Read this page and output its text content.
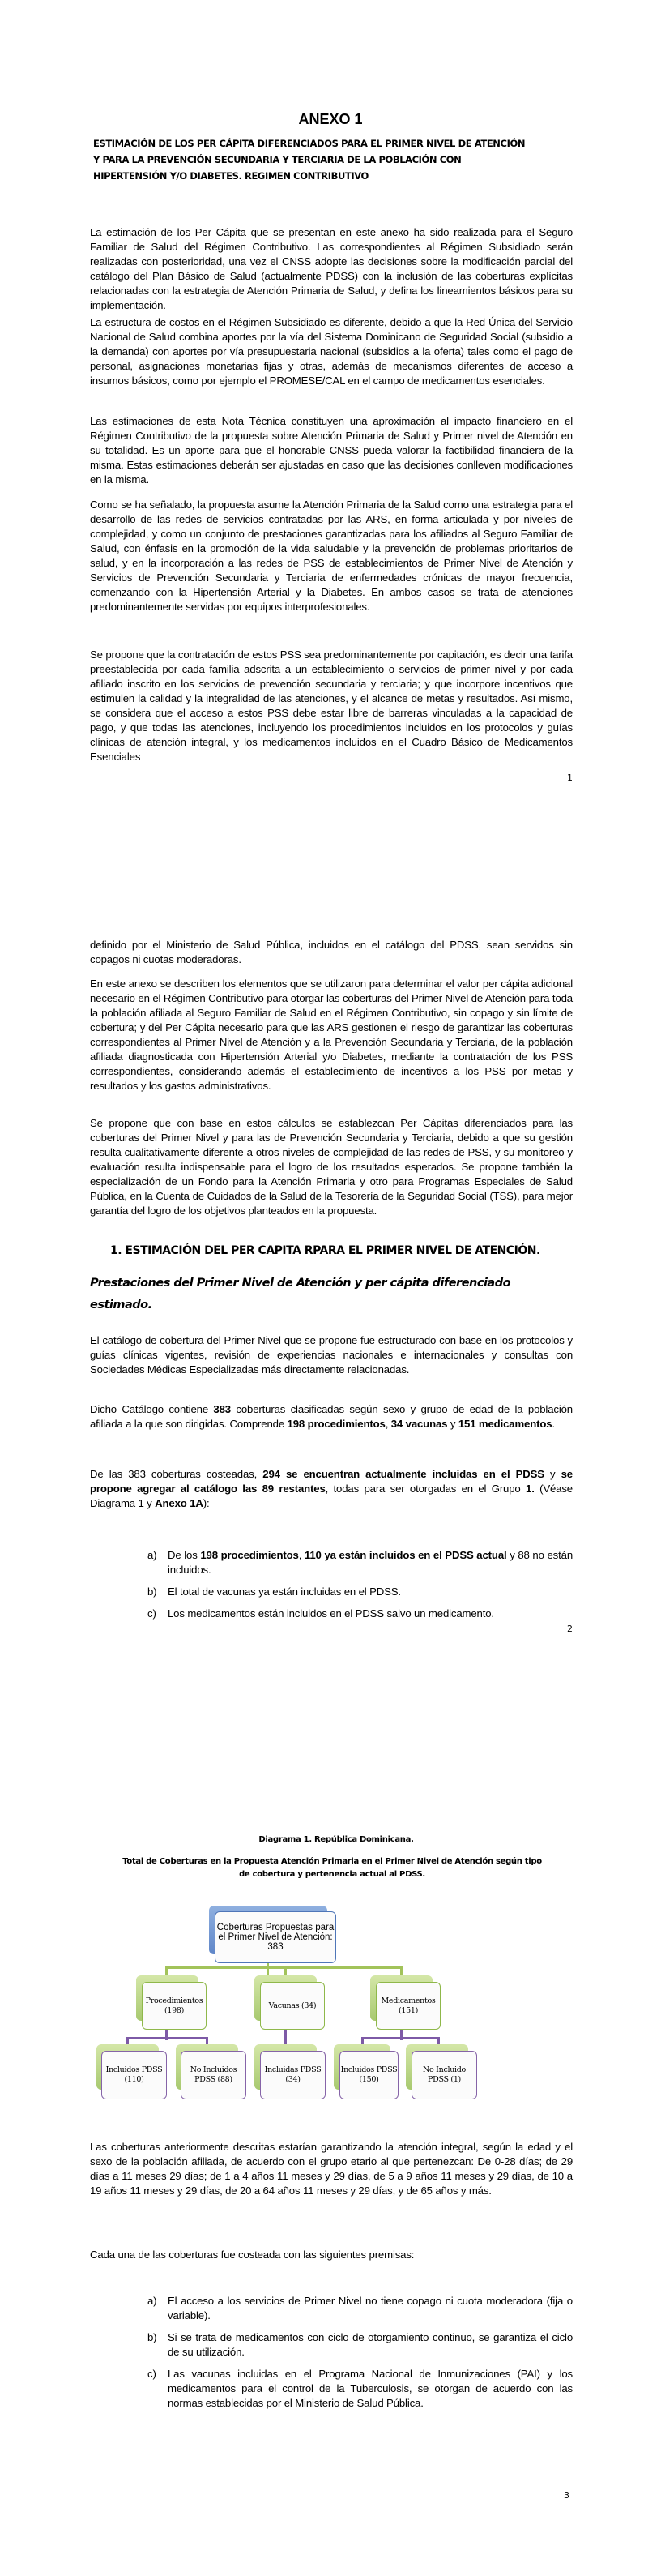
ANEXO 1
ESTIMACIÓN DE LOS PER CÁPITA DIFERENCIADOS PARA EL PRIMER NIVEL DE ATENCIÓN
Y PARA LA PREVENCIÓN SECUNDARIA Y TERCIARIA DE LA POBLACIÓN CON
HIPERTENSIÓN Y/O DIABETES. REGIMEN CONTRIBUTIVO

La estimación de los Per Cápita que se presentan en este anexo ha sido realizada para el Seguro Familiar de Salud del Régimen Contributivo. Las correspondientes al Régimen Subsidiado serán realizadas con posterioridad, una vez el CNSS adopte las decisiones sobre la modificación parcial del catálogo del Plan Básico de Salud (actualmente PDSS) con la inclusión de las coberturas explícitas relacionadas con la estrategia de Atención Primaria de Salud, y defina los lineamientos básicos para su implementación.

La estructura de costos en el Régimen Subsidiado es diferente, debido a que la Red Única del Servicio Nacional de Salud combina aportes por la vía del Sistema Dominicano de Seguridad Social (subsidio a la demanda) con aportes por vía presupuestaria nacional (subsidios a la oferta) tales como el pago de personal, asignaciones monetarias fijas y otras, además de mecanismos diferentes de acceso a insumos básicos, como por ejemplo el PROMESE/CAL en el campo de medicamentos esenciales.

Las estimaciones de esta Nota Técnica constituyen una aproximación al impacto financiero en el Régimen Contributivo de la propuesta sobre Atención Primaria de Salud y Primer nivel de Atención en su totalidad. Es un aporte para que el honorable CNSS pueda valorar la factibilidad financiera de la misma. Estas estimaciones deberán ser ajustadas en caso que las decisiones conlleven modificaciones en la misma.

Como se ha señalado, la propuesta asume la Atención Primaria de la Salud como una estrategia para el desarrollo de las redes de servicios contratadas por las ARS, en forma articulada y por niveles de complejidad, y como un conjunto de prestaciones garantizadas para los afiliados al Seguro Familiar de Salud, con énfasis en la promoción de la vida saludable y la prevención de problemas prioritarios de salud, y en la incorporación a las redes de PSS de establecimientos de Primer Nivel de Atención y Servicios de Prevención Secundaria y Terciaria de enfermedades crónicas de mayor frecuencia, comenzando con la Hipertensión Arterial y la Diabetes. En ambos casos se trata de atenciones predominantemente servidas por equipos interprofesionales.

Se propone que la contratación de estos PSS sea predominantemente por capitación, es decir una tarifa preestablecida por cada familia adscrita a un establecimiento o servicios de primer nivel y por cada afiliado inscrito en los servicios de prevención secundaria y terciaria; y que incorpore incentivos que estimulen la calidad y la integralidad de las atenciones, y el alcance de metas y resultados. Así mismo, se considera que el acceso a estos PSS debe estar libre de barreras vinculadas a la capacidad de pago, y que todas las atenciones, incluyendo los procedimientos incluidos en los protocolos y guías clínicas de atención integral, y los medicamentos incluidos en el Cuadro Básico de Medicamentos Esenciales

1

definido por el Ministerio de Salud Pública, incluidos en el catálogo del PDSS, sean servidos sin copagos ni cuotas moderadoras.

En este anexo se describen los elementos que se utilizaron para determinar el valor per cápita adicional necesario en el Régimen Contributivo para otorgar las coberturas del Primer Nivel de Atención para toda la población afiliada al Seguro Familiar de Salud en el Régimen Contributivo, sin copago y sin límite de cobertura; y del Per Cápita necesario para que las ARS gestionen el riesgo de garantizar las coberturas correspondientes al Primer Nivel de Atención y a la Prevención Secundaria y Terciaria, de la población afiliada diagnosticada con Hipertensión Arterial y/o Diabetes, mediante la contratación de los PSS correspondientes, considerando además el establecimiento de incentivos a los PSS por metas y resultados y los gastos administrativos.

Se propone que con base en estos cálculos se establezcan Per Cápitas diferenciados para las coberturas del Primer Nivel y para las de Prevención Secundaria y Terciaria, debido a que su gestión resulta cualitativamente diferente a otros niveles de complejidad de las redes de PSS, y su monitoreo y evaluación resulta indispensable para el logro de los resultados esperados. Se propone también la especialización de un Fondo para la Atención Primaria y otro para Programas Especiales de Salud Pública, en la Cuenta de Cuidados de la Salud de la Tesorería de la Seguridad Social (TSS), para mejor garantía del logro de los objetivos planteados en la propuesta.

1. ESTIMACIÓN DEL PER CAPITA RPARA EL PRIMER NIVEL DE ATENCIÓN.
Prestaciones del Primer Nivel de Atención y per cápita diferenciado estimado.

El catálogo de cobertura del Primer Nivel que se propone fue estructurado con base en los protocolos y guías clínicas vigentes, revisión de experiencias nacionales e internacionales y consultas con Sociedades Médicas Especializadas más directamente relacionadas.

Dicho Catálogo contiene 383 coberturas clasificadas según sexo y grupo de edad de la población afiliada a la que son dirigidas. Comprende 198 procedimientos, 34 vacunas y 151 medicamentos.

De las 383 coberturas costeadas, 294 se encuentran actualmente incluidas en el PDSS y se propone agregar al catálogo las 89 restantes, todas para ser otorgadas en el Grupo 1. (Véase Diagrama 1 y Anexo 1A):

a)	De los 198 procedimientos, 110 ya están incluidos en el PDSS actual y 88 no están incluidos.
b)	El total de vacunas ya están incluidas en el PDSS.
c)	Los medicamentos están incluidos en el PDSS salvo un medicamento.
2
Diagrama 1. República Dominicana.
Total de Coberturas en la Propuesta Atención Primaria en el Primer Nivel de Atención según tipo
de cobertura y pertenencia actual al PDSS.
Coberturas Propuestas para el Primer Nivel de Atención: 383
Procedimientos (198)
Vacunas (34)
Medicamentos (151)
Incluidos PDSS (110)
No Incluidos PDSS (88)
Incluidas PDSS (34)
Incluidos PDSS (150)
No Incluido PDSS (1)

Las coberturas anteriormente descritas estarían garantizando la atención integral, según la edad y el sexo de la población afiliada, de acuerdo con el grupo etario al que pertenezcan: De 0-28 días; de 29 días a 11 meses 29 días; de 1 a 4 años 11 meses y 29 días, de 5 a 9 años 11 meses y 29 días, de 10 a 19 años 11 meses y 29 días, de 20 a 64 años 11 meses y 29 días, y de 65 años y más.

Cada una de las coberturas fue costeada con las siguientes premisas:

a)	El acceso a los servicios de Primer Nivel no tiene copago ni cuota moderadora (fija o variable).
b)	Si se trata de medicamentos con ciclo de otorgamiento continuo, se garantiza el ciclo de su utilización.
c)	Las vacunas incluidas en el Programa Nacional de Inmunizaciones (PAI) y los medicamentos para el control de la Tuberculosis, se otorgan de acuerdo con las normas establecidas por el Ministerio de Salud Pública.
3
